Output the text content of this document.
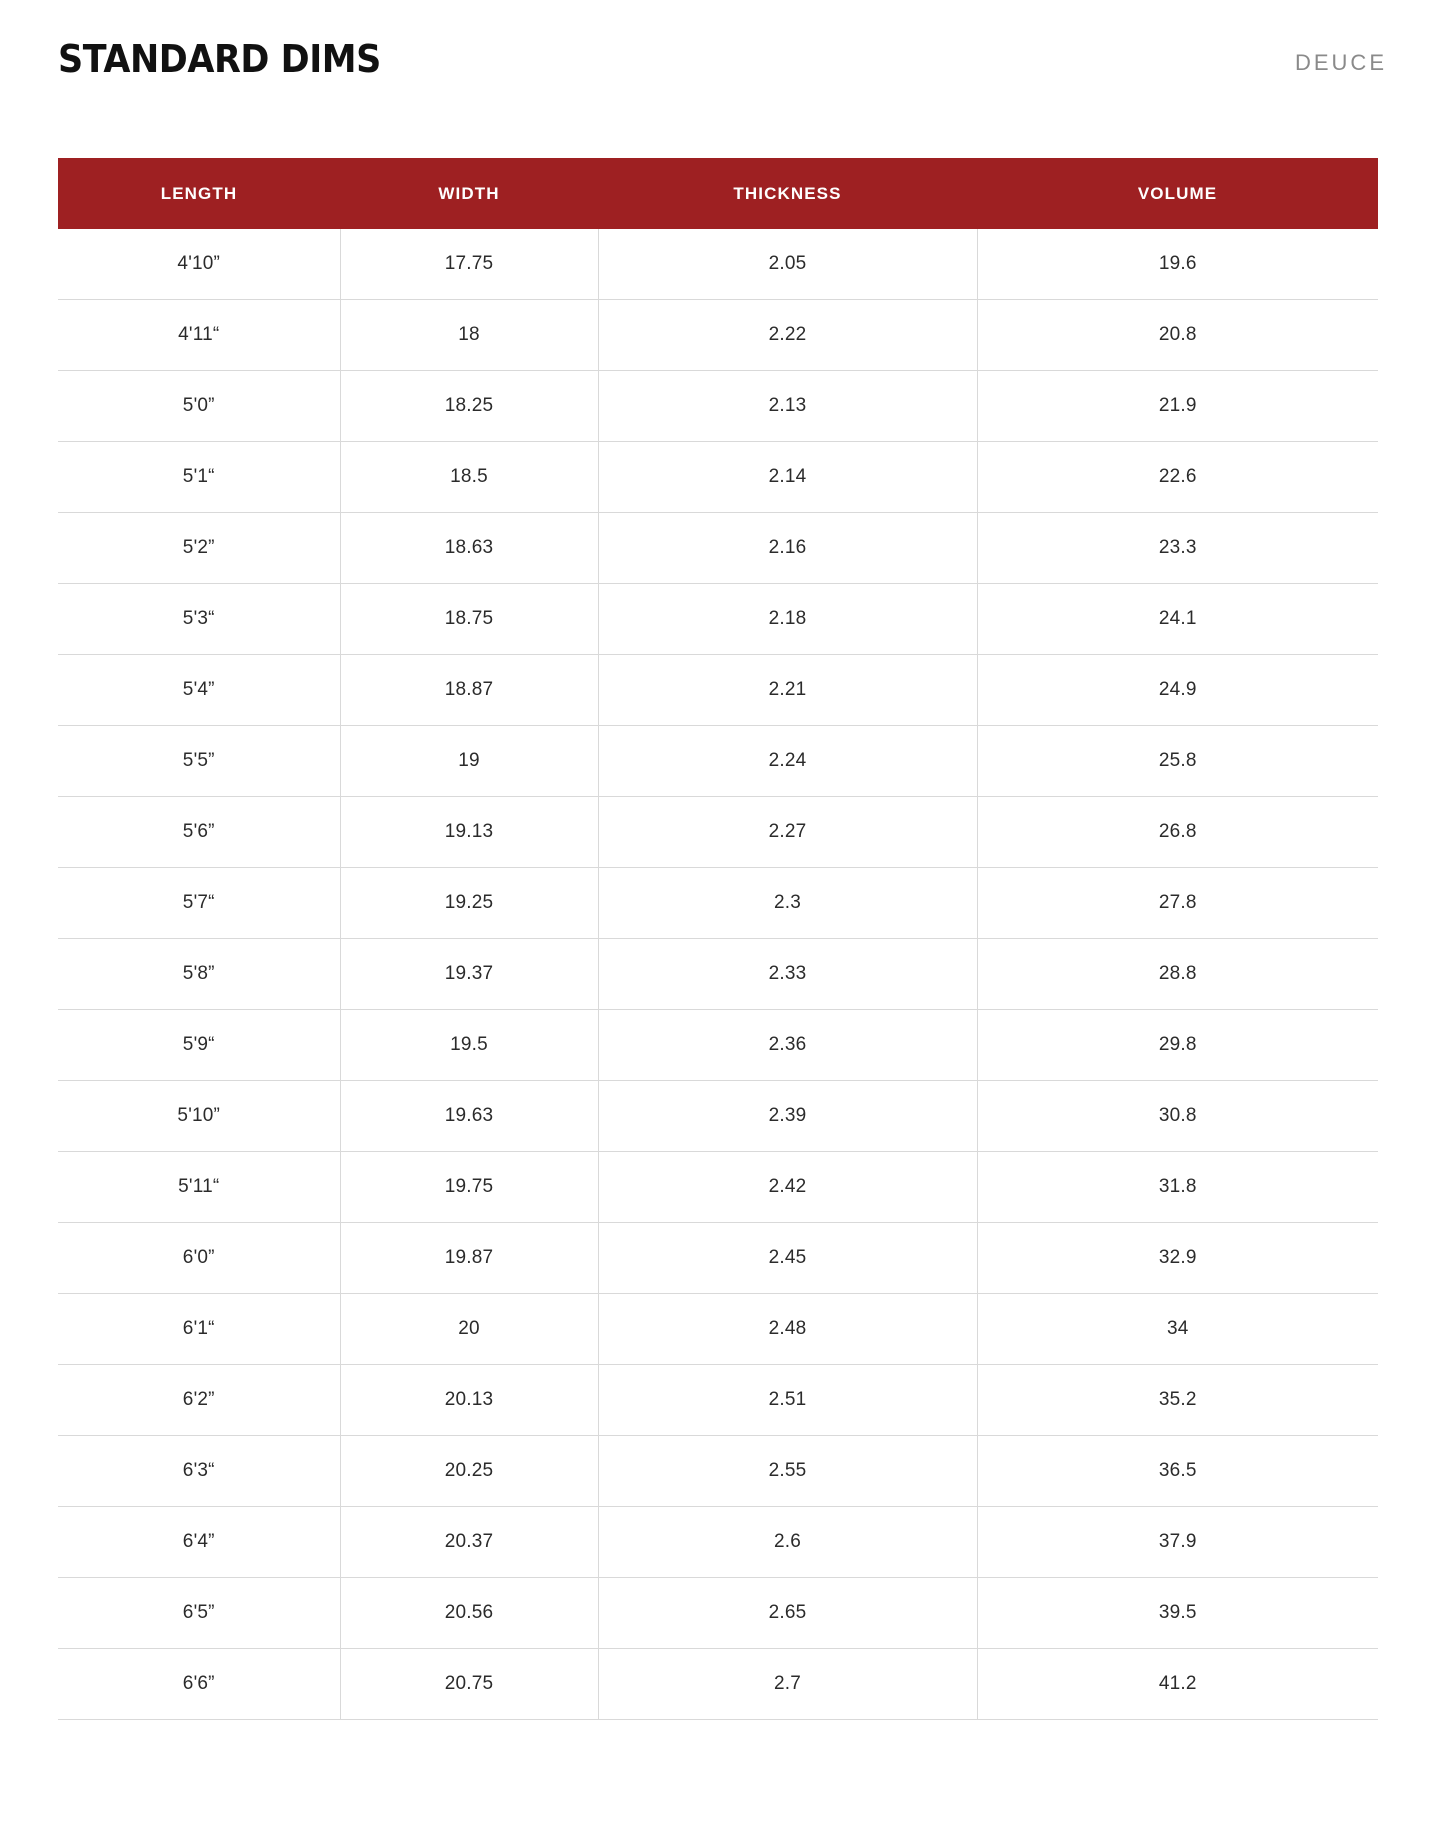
STANDARD DIMS	DEUCE
LENGTH	WIDTH	THICKNESS	VOLUME
4'10”	17.75	2.05	19.6
4'11“	18	2.22	20.8
5'0”	18.25	2.13	21.9
5'1“	18.5	2.14	22.6
5'2”	18.63	2.16	23.3
5'3“	18.75	2.18	24.1
5'4”	18.87	2.21	24.9
5'5”	19	2.24	25.8
5'6”	19.13	2.27	26.8
5'7“	19.25	2.3	27.8
5'8”	19.37	2.33	28.8
5'9“	19.5	2.36	29.8
5'10”	19.63	2.39	30.8
5'11“	19.75	2.42	31.8
6'0”	19.87	2.45	32.9
6'1“	20	2.48	34
6'2”	20.13	2.51	35.2
6'3“	20.25	2.55	36.5
6'4”	20.37	2.6	37.9
6'5”	20.56	2.65	39.5
6'6”	20.75	2.7	41.2
